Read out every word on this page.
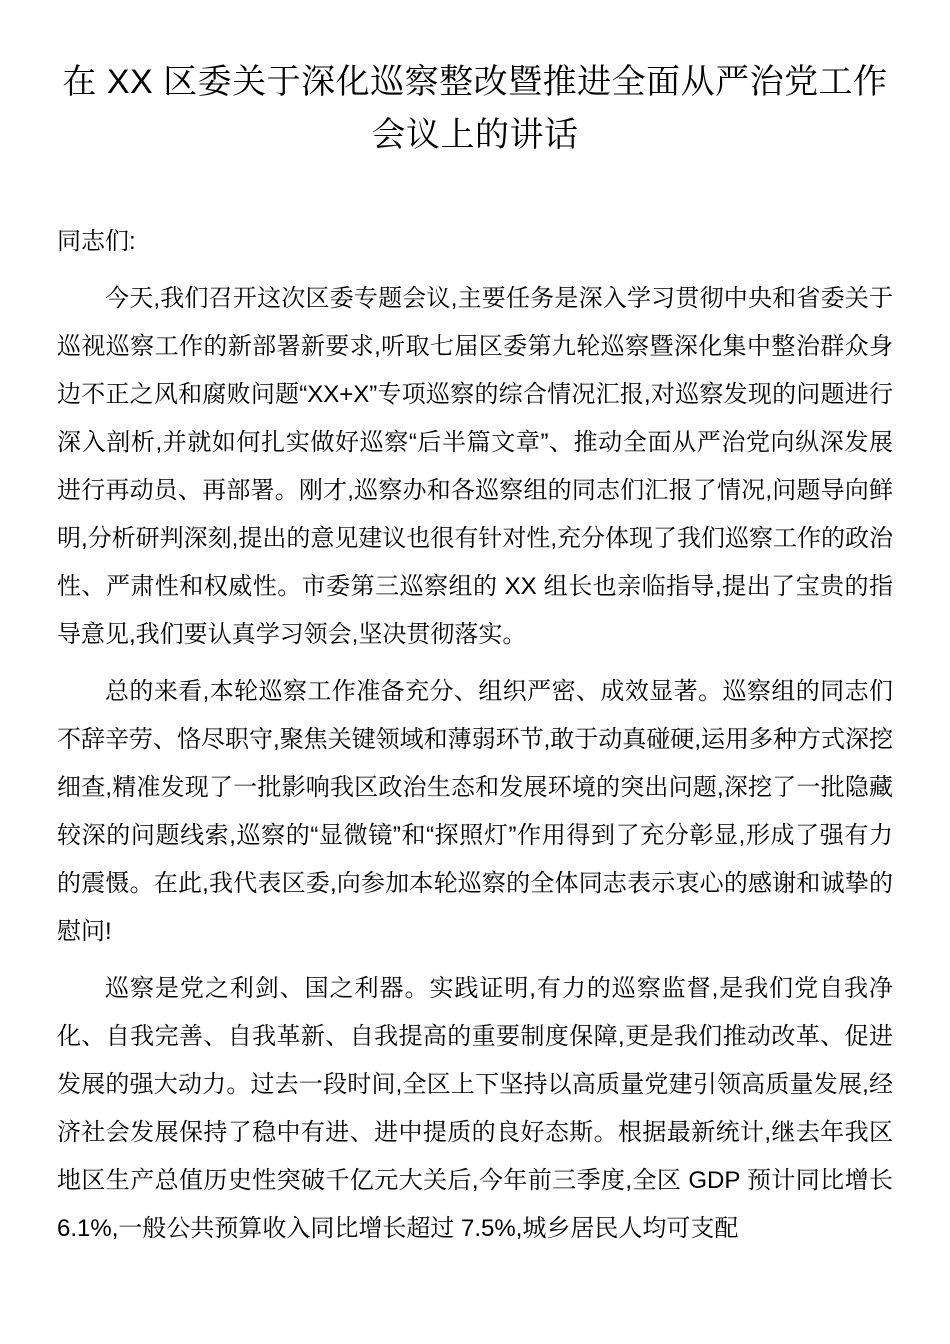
在 XX 区委关于深化巡察整改暨推进全面从严治党工作会议上的讲话

同志们:

今天,我们召开这次区委专题会议,主要任务是深入学习贯彻中央和省委关于巡视巡察工作的新部署新要求,听取七届区委第九轮巡察暨深化集中整治群众身边不正之风和腐败问题“XX+X”专项巡察的综合情况汇报,对巡察发现的问题进行深入剖析,并就如何扎实做好巡察“后半篇文章”、推动全面从严治党向纵深发展进行再动员、再部署。刚才,巡察办和各巡察组的同志们汇报了情况,问题导向鲜明,分析研判深刻,提出的意见建议也很有针对性,充分体现了我们巡察工作的政治性、严肃性和权威性。市委第三巡察组的 XX 组长也亲临指导,提出了宝贵的指导意见,我们要认真学习领会,坚决贯彻落实。

总的来看,本轮巡察工作准备充分、组织严密、成效显著。巡察组的同志们不辞辛劳、恪尽职守,聚焦关键领域和薄弱环节,敢于动真碰硬,运用多种方式深挖细查,精准发现了一批影响我区政治生态和发展环境的突出问题,深挖了一批隐藏较深的问题线索,巡察的“显微镜”和“探照灯”作用得到了充分彰显,形成了强有力的震慑。在此,我代表区委,向参加本轮巡察的全体同志表示衷心的感谢和诚挚的慰问!

巡察是党之利剑、国之利器。实践证明,有力的巡察监督,是我们党自我净化、自我完善、自我革新、自我提高的重要制度保障,更是我们推动改革、促进发展的强大动力。过去一段时间,全区上下坚持以高质量党建引领高质量发展,经济社会发展保持了稳中有进、进中提质的良好态斯。根据最新统计,继去年我区地区生产总值历史性突破千亿元大关后,今年前三季度,全区 GDP 预计同比增长 6.1%,一般公共预算收入同比增长超过 7.5%,城乡居民人均可支配
